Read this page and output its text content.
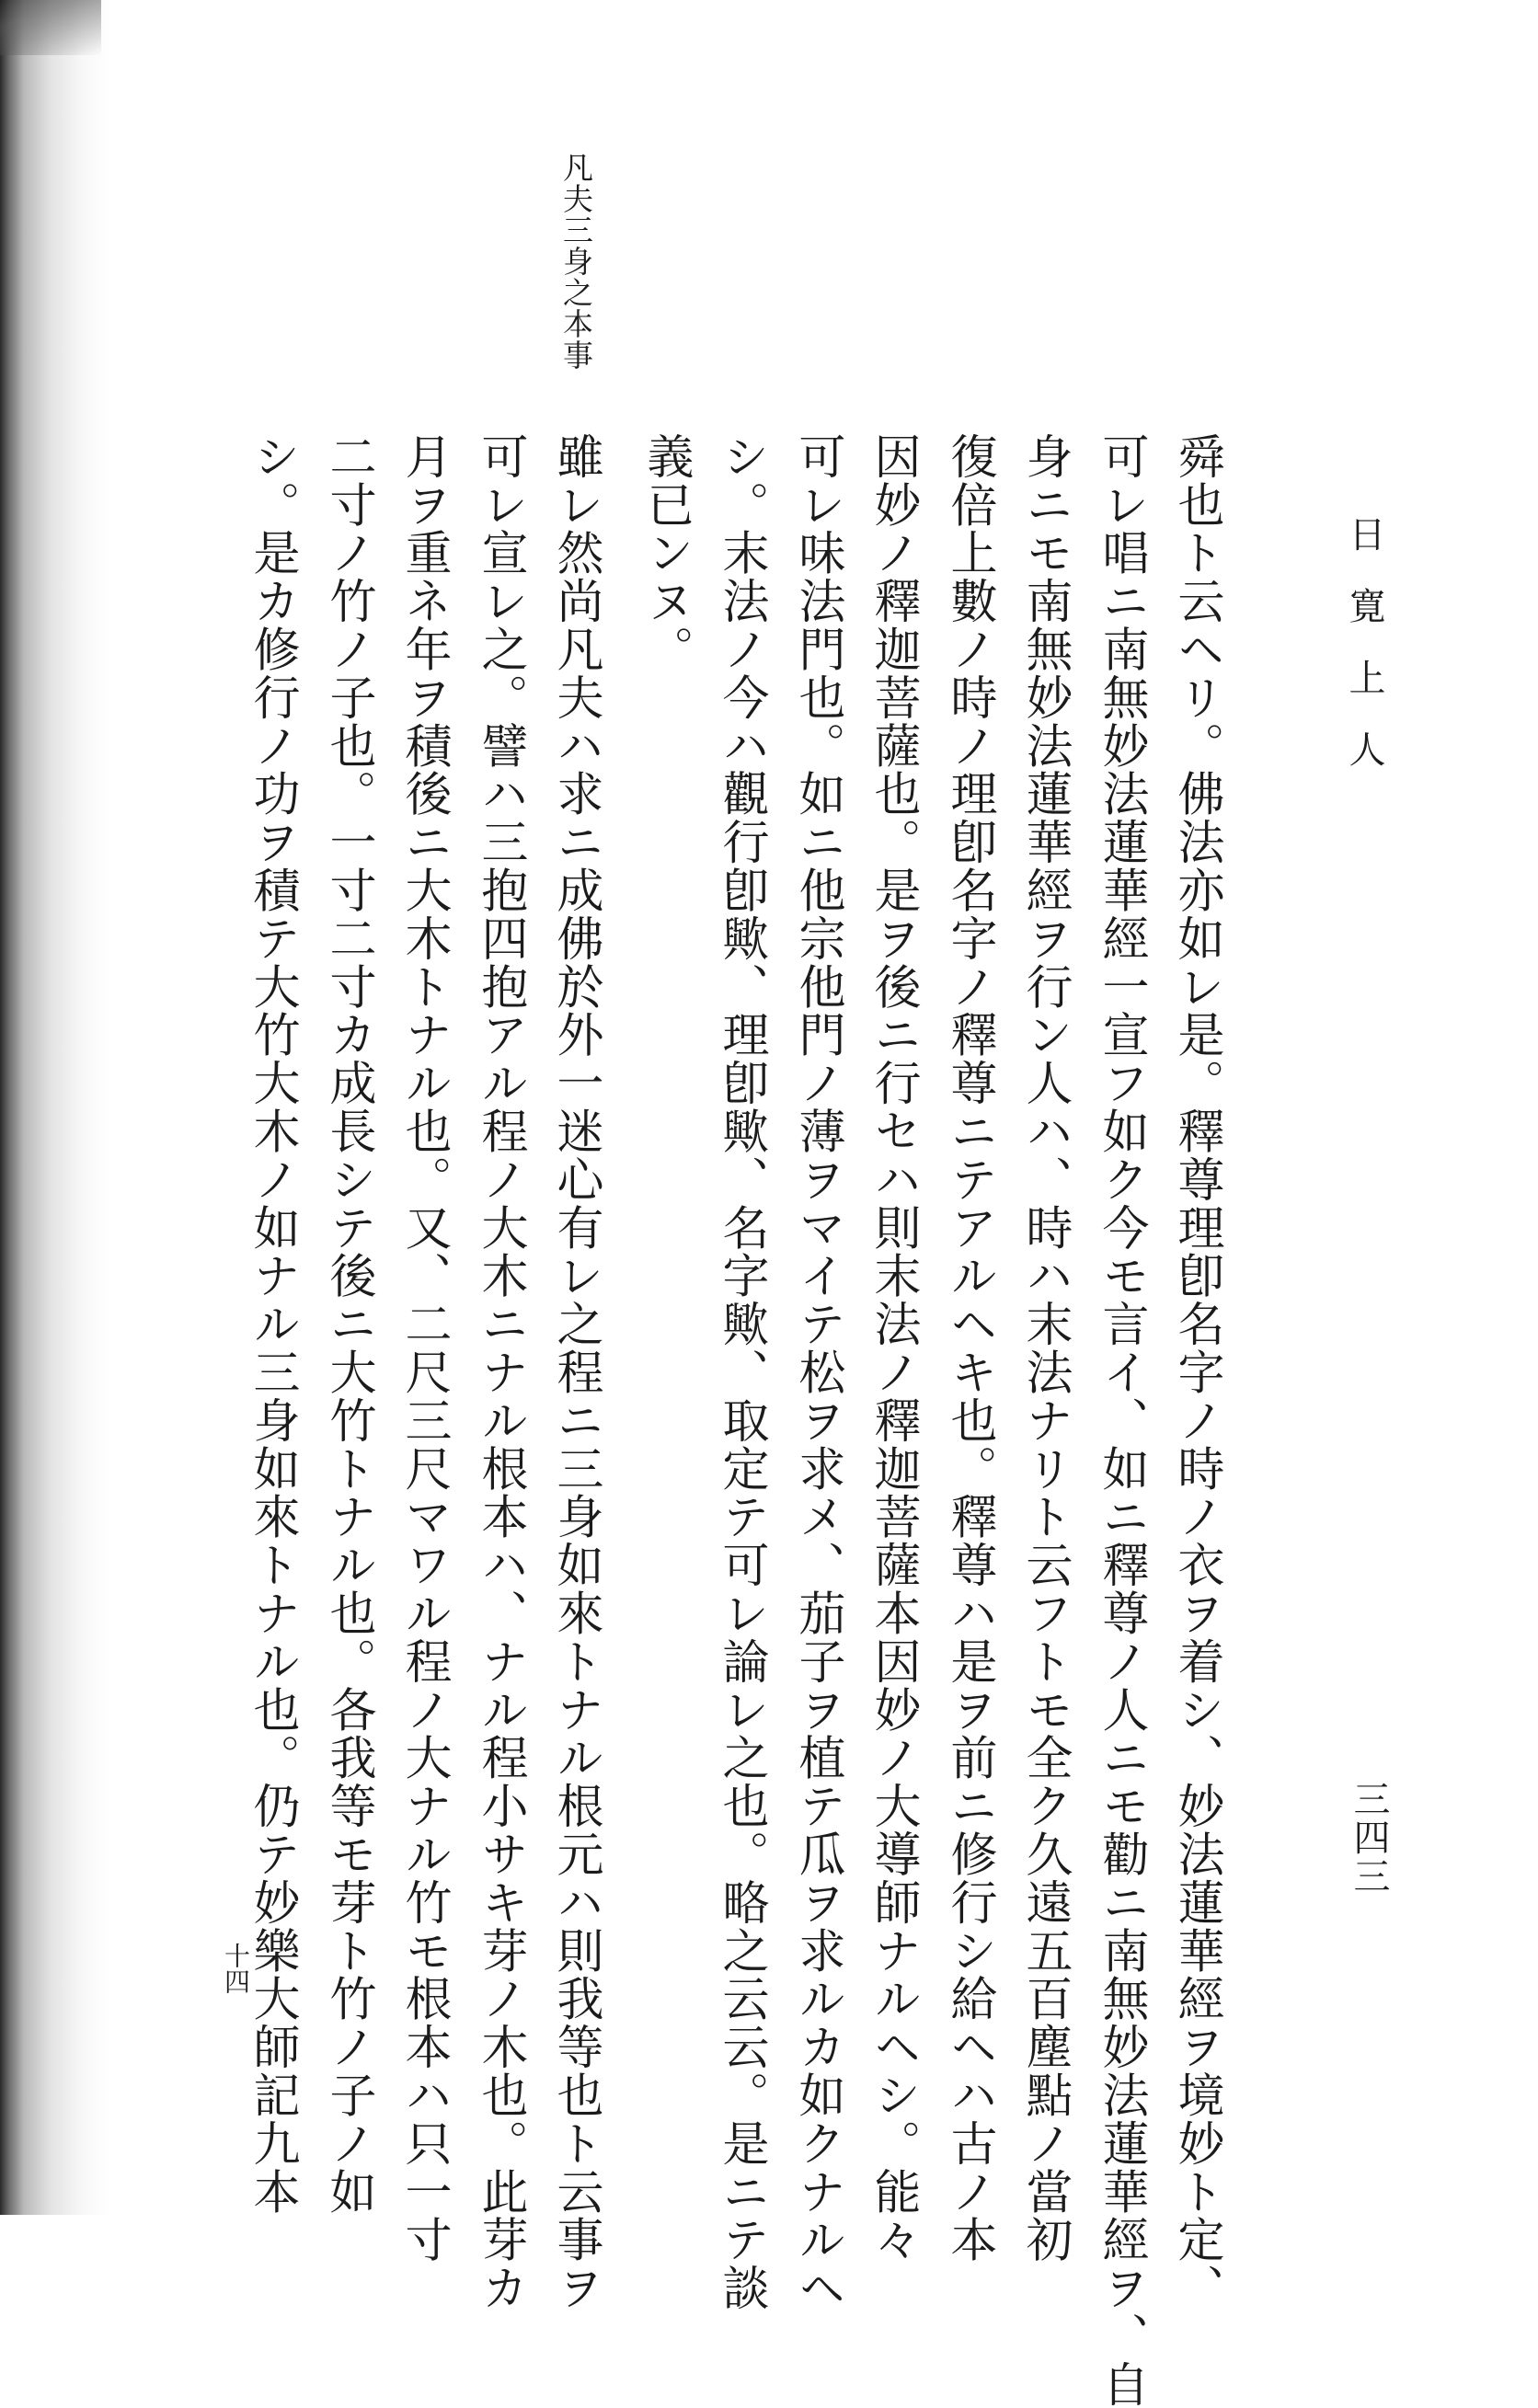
日寛上人
三四三
凡夫三身之本事
舜也ト云ヘリ。佛法亦如レ是。釋尊理卽名字ノ時ノ衣ヲ着シ、妙法蓮華經ヲ境妙ト定、
可レ唱ニ南無妙法蓮華經一宣フ如ク今モ言イ、如ニ釋尊ノ人ニモ勸ニ南無妙法蓮華經ヲ、自
身ニモ南無妙法蓮華經ヲ行ン人ハ、時ハ末法ナリト云フトモ全ク久遠五百塵點ノ當初
復倍上數ノ時ノ理卽名字ノ釋尊ニテアルヘキ也。釋尊ハ是ヲ前ニ修行シ給ヘハ古ノ本
因妙ノ釋迦菩薩也。是ヲ後ニ行セハ則末法ノ釋迦菩薩本因妙ノ大導師ナルヘシ。能々
可レ味法門也。如ニ他宗他門ノ薄ヲマイテ松ヲ求メ、茄子ヲ植テ瓜ヲ求ルカ如クナルヘ
シ。末法ノ今ハ觀行卽歟、理卽歟、名字歟、取定テ可レ論レ之也。略之云云。是ニテ談
義已ンヌ。
雖レ然尚凡夫ハ求ニ成佛於外一迷心有レ之程ニ三身如來トナル根元ハ則我等也ト云事ヲ
可レ宣レ之。譬ハ三抱四抱アル程ノ大木ニナル根本ハ、ナル程小サキ芽ノ木也。此芽カ
月ヲ重ネ年ヲ積後ニ大木トナル也。又、二尺三尺マワル程ノ大ナル竹モ根本ハ只一寸
二寸ノ竹ノ子也。一寸二寸カ成長シテ後ニ大竹トナル也。各我等モ芽ト竹ノ子ノ如
シ。是カ修行ノ功ヲ積テ大竹大木ノ如ナル三身如來トナル也。仍テ妙樂大師記九本
十四
